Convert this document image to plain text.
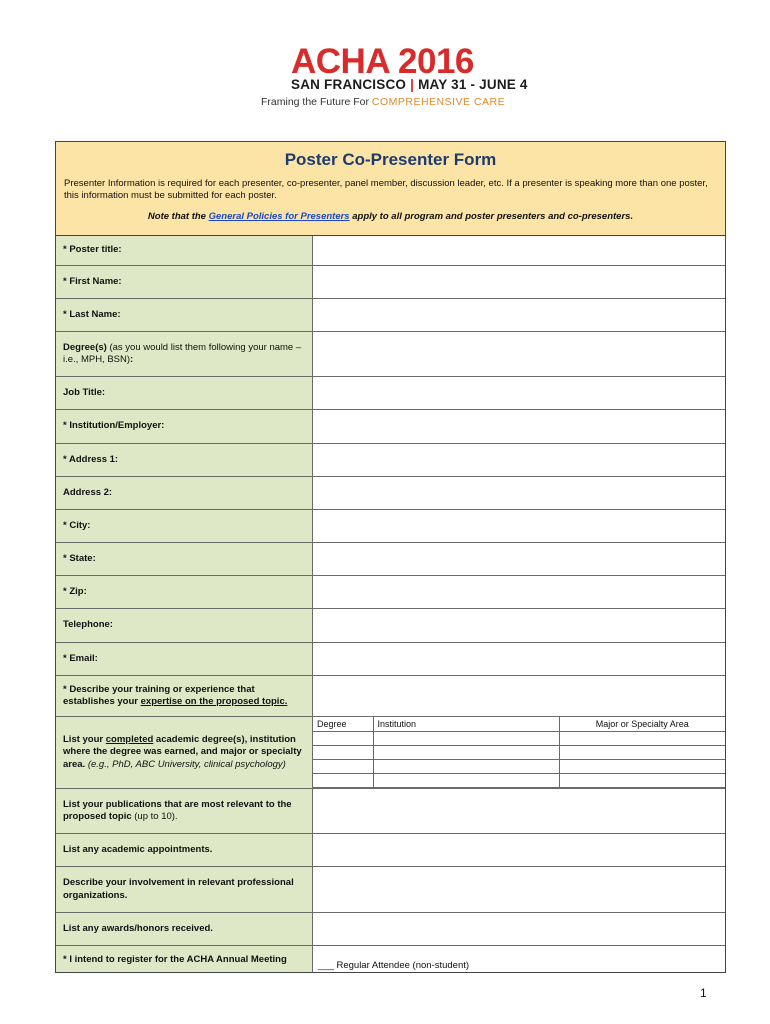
ACHA 2016
SAN FRANCISCO | MAY 31 - JUNE 4
Framing the Future For COMPREHENSIVE CARE

Poster Co-Presenter Form

Presenter Information is required for each presenter, co-presenter, panel member, discussion leader, etc. If a presenter is speaking more than one poster, this information must be submitted for each poster.

Note that the General Policies for Presenters apply to all program and poster presenters and co-presenters.

* Poster title:
* First Name:
* Last Name:
Degree(s) (as you would list them following your name – i.e., MPH, BSN):
Job Title:
* Institution/Employer:
* Address 1:
Address 2:
* City:
* State:
* Zip:
Telephone:
* Email:
* Describe your training or experience that establishes your expertise on the proposed topic.
List your completed academic degree(s), institution where the degree was earned, and major or specialty area. (e.g., PhD, ABC University, clinical psychology)
Degree	Institution	Major or Specialty Area

List your publications that are most relevant to the proposed topic (up to 10).
List any academic appointments.
Describe your involvement in relevant professional organizations.
List any awards/honors received.
* I intend to register for the ACHA Annual Meeting
___ Regular Attendee (non-student)
1
